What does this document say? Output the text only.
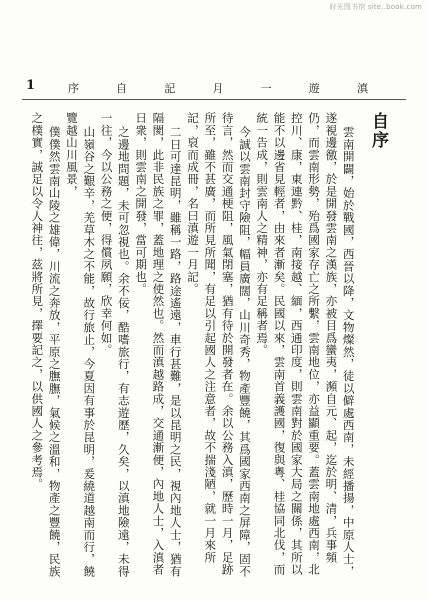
时光图书馆 site..book.com
1	滇
遊
一
月
記
自
序
自序

雲南開闢，始於戰國，西晉以降，文物燦然，徒以僻處西南，未經播揚，中原人士，遂視邊徼，於是開發雲南之漢族，亦被目爲蠻夷，瀕自元、起，迄於明、清，兵事頻仍，而雲南形勢，殆爲國家存亡之所繫，雲南地位，亦益顯重要。蓋雲南地處西南，北控川、康，東連黔、桂，南接越、緬，西通印度，則雲南對於國家大局之關係，其所以能不以邊省見輕者，由來者漸矣。民國以來，雲南首義護國，復與粵、桂協同北伐，而統一告成，則雲南人之精神，亦有足稱者焉。

今誠以雲南封守險阻，幅員廣闊，山川奇秀，物產豐饒，其爲國家西南之屏障，固不待言，然而交通梗阻，風氣閉塞，猶有待於開發者在。余以公務入滇，歷時一月，足跡所至，雖不甚廣，而所見所聞，有足以引起國人之注意者，故不揣淺陋，就一月來所記，裒而成冊，名曰滇遊一月記。

二日可達昆明，雖稱一路，路途遙遠，車行甚難，是以昆明之民，視內地人士，猶有隔閡，此非民族之罪，蓋地理之使然也。然而滇越路成，交通漸便，內地人士，入滇者日衆，則雲南之開發，當可期也。

之邊地問題，未可忽視也。余不佞，酷嗜旅行，有志遊歷，久矣，以滇地險遠，未得一往，今以公務之便，得償夙願，欣幸何如。

山嶺谷之艱辛，羌草木之不能，故行旅止，今夏因有事於昆明，爰繞道越南而行，饒覽越山川風景，

僕僕然雲南山陵之雄偉，川流之奔放，平原之膴膴，氣候之溫和，物產之豐饒，民族之樸實，誠足以令人神往，茲將所見，擇要記之，以供國人之參考焉。
